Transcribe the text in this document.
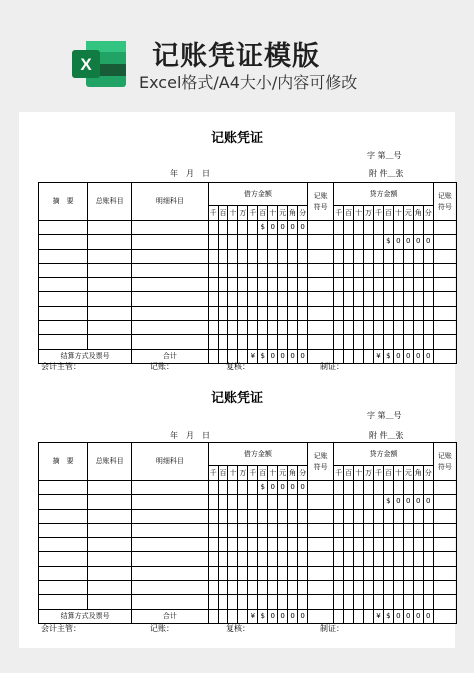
X 记账凭证模版
Excel格式/A4大小/内容可修改
记账凭证
字 第＿号
年　月　日	附 件＿张
摘　要	总账科目	明细科目	借方金额										记账符号	贷方金额										记账符号
			千	百	十	万	千	百	十	元	角	分		千	百	十	万	千	百	十	元	角	分	
								$	0	0	0	0												
																			$	0	0	0	0	

结算方式及票号		合计					¥	$	0	0	0	0						¥	$	0	0	0	0	
会计主管：	记账：	复核：	制证：
记账凭证
字 第＿号
年　月　日	附 件＿张
摘　要	总账科目	明细科目	借方金额										记账符号	贷方金额										记账符号
			千	百	十	万	千	百	十	元	角	分		千	百	十	万	千	百	十	元	角	分	
								$	0	0	0	0												
																			$	0	0	0	0	

结算方式及票号		合计					¥	$	0	0	0	0						¥	$	0	0	0	0	
会计主管：	记账：	复核：	制证：
